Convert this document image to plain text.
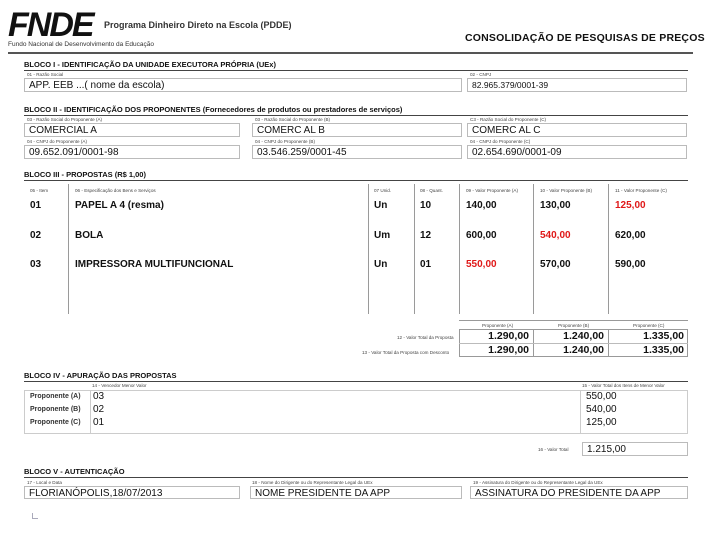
FNDE	Programa Dinheiro Direto na Escola (PDDE)
Fundo Nacional de Desenvolvimento da Educação
CONSOLIDAÇÃO DE PESQUISAS DE PREÇOS
BLOCO I - IDENTIFICAÇÃO DA UNIDADE EXECUTORA PRÓPRIA (UEx)
01 - Razão Social
APP. EEB ...( nome da escola)
02 - CNPJ
82.965.379/0001-39
BLOCO II - IDENTIFICAÇÃO DOS PROPONENTES (Fornecedores de produtos ou prestadores de serviços)
03 - Razão Social do Proponente (A)
COMERCIAL A
04 - CNPJ do Proponente (A)
09.652.091/0001-98
03 - Razão Social do Proponente (B)
COMERC AL B
04 - CNPJ do Proponente (B)
03.546.259/0001-45
C3 - Razão Social do Proponente (C)
COMERC AL C
04 - CNPJ do Proponente (C)
02.654.690/0001-09
BLOCO III - PROPOSTAS (R$ 1,00)
05 - Item	06 - Especificação dos Bens e Serviços	07 Unid.	08 - Quant.	09 - Valor Proponente (A)	10 - Valor Proponente (B)	11 - Valor Proponente (C)
01	PAPEL A 4 (resma)	Un	10	140,00	130,00	125,00
02	BOLA	Um	12	600,00	540,00	620,00
03	IMPRESSORA MULTIFUNCIONAL	Un	01	550,00	570,00	590,00
Proponente (A)	Proponente (B)	Proponente (C)
12 - Valor Total da Proposta	1.290,00	1.240,00	1.335,00
13 - Valor Total da Proposta com Desconto	1.290,00	1.240,00	1.335,00
BLOCO IV - APURAÇÃO DAS PROPOSTAS
14 - Vencedor Menor Valor	15 - Valor Total dos Itens de Menor Valor
Proponente (A) 03	550,00
Proponente (B) 02	540,00
Proponente (C) 01	125,00
16 - Valor Total	1.215,00
BLOCO V - AUTENTICAÇÃO
17 - Local e Data
FLORIANÓPOLIS,18/07/2013
18 - Nome do Dirigente ou do Representante Legal da UEx
NOME PRESIDENTE DA APP
19 - Assinatura do Dirigente ou do Representante Legal da UEx
ASSINATURA DO PRESIDENTE DA APP
